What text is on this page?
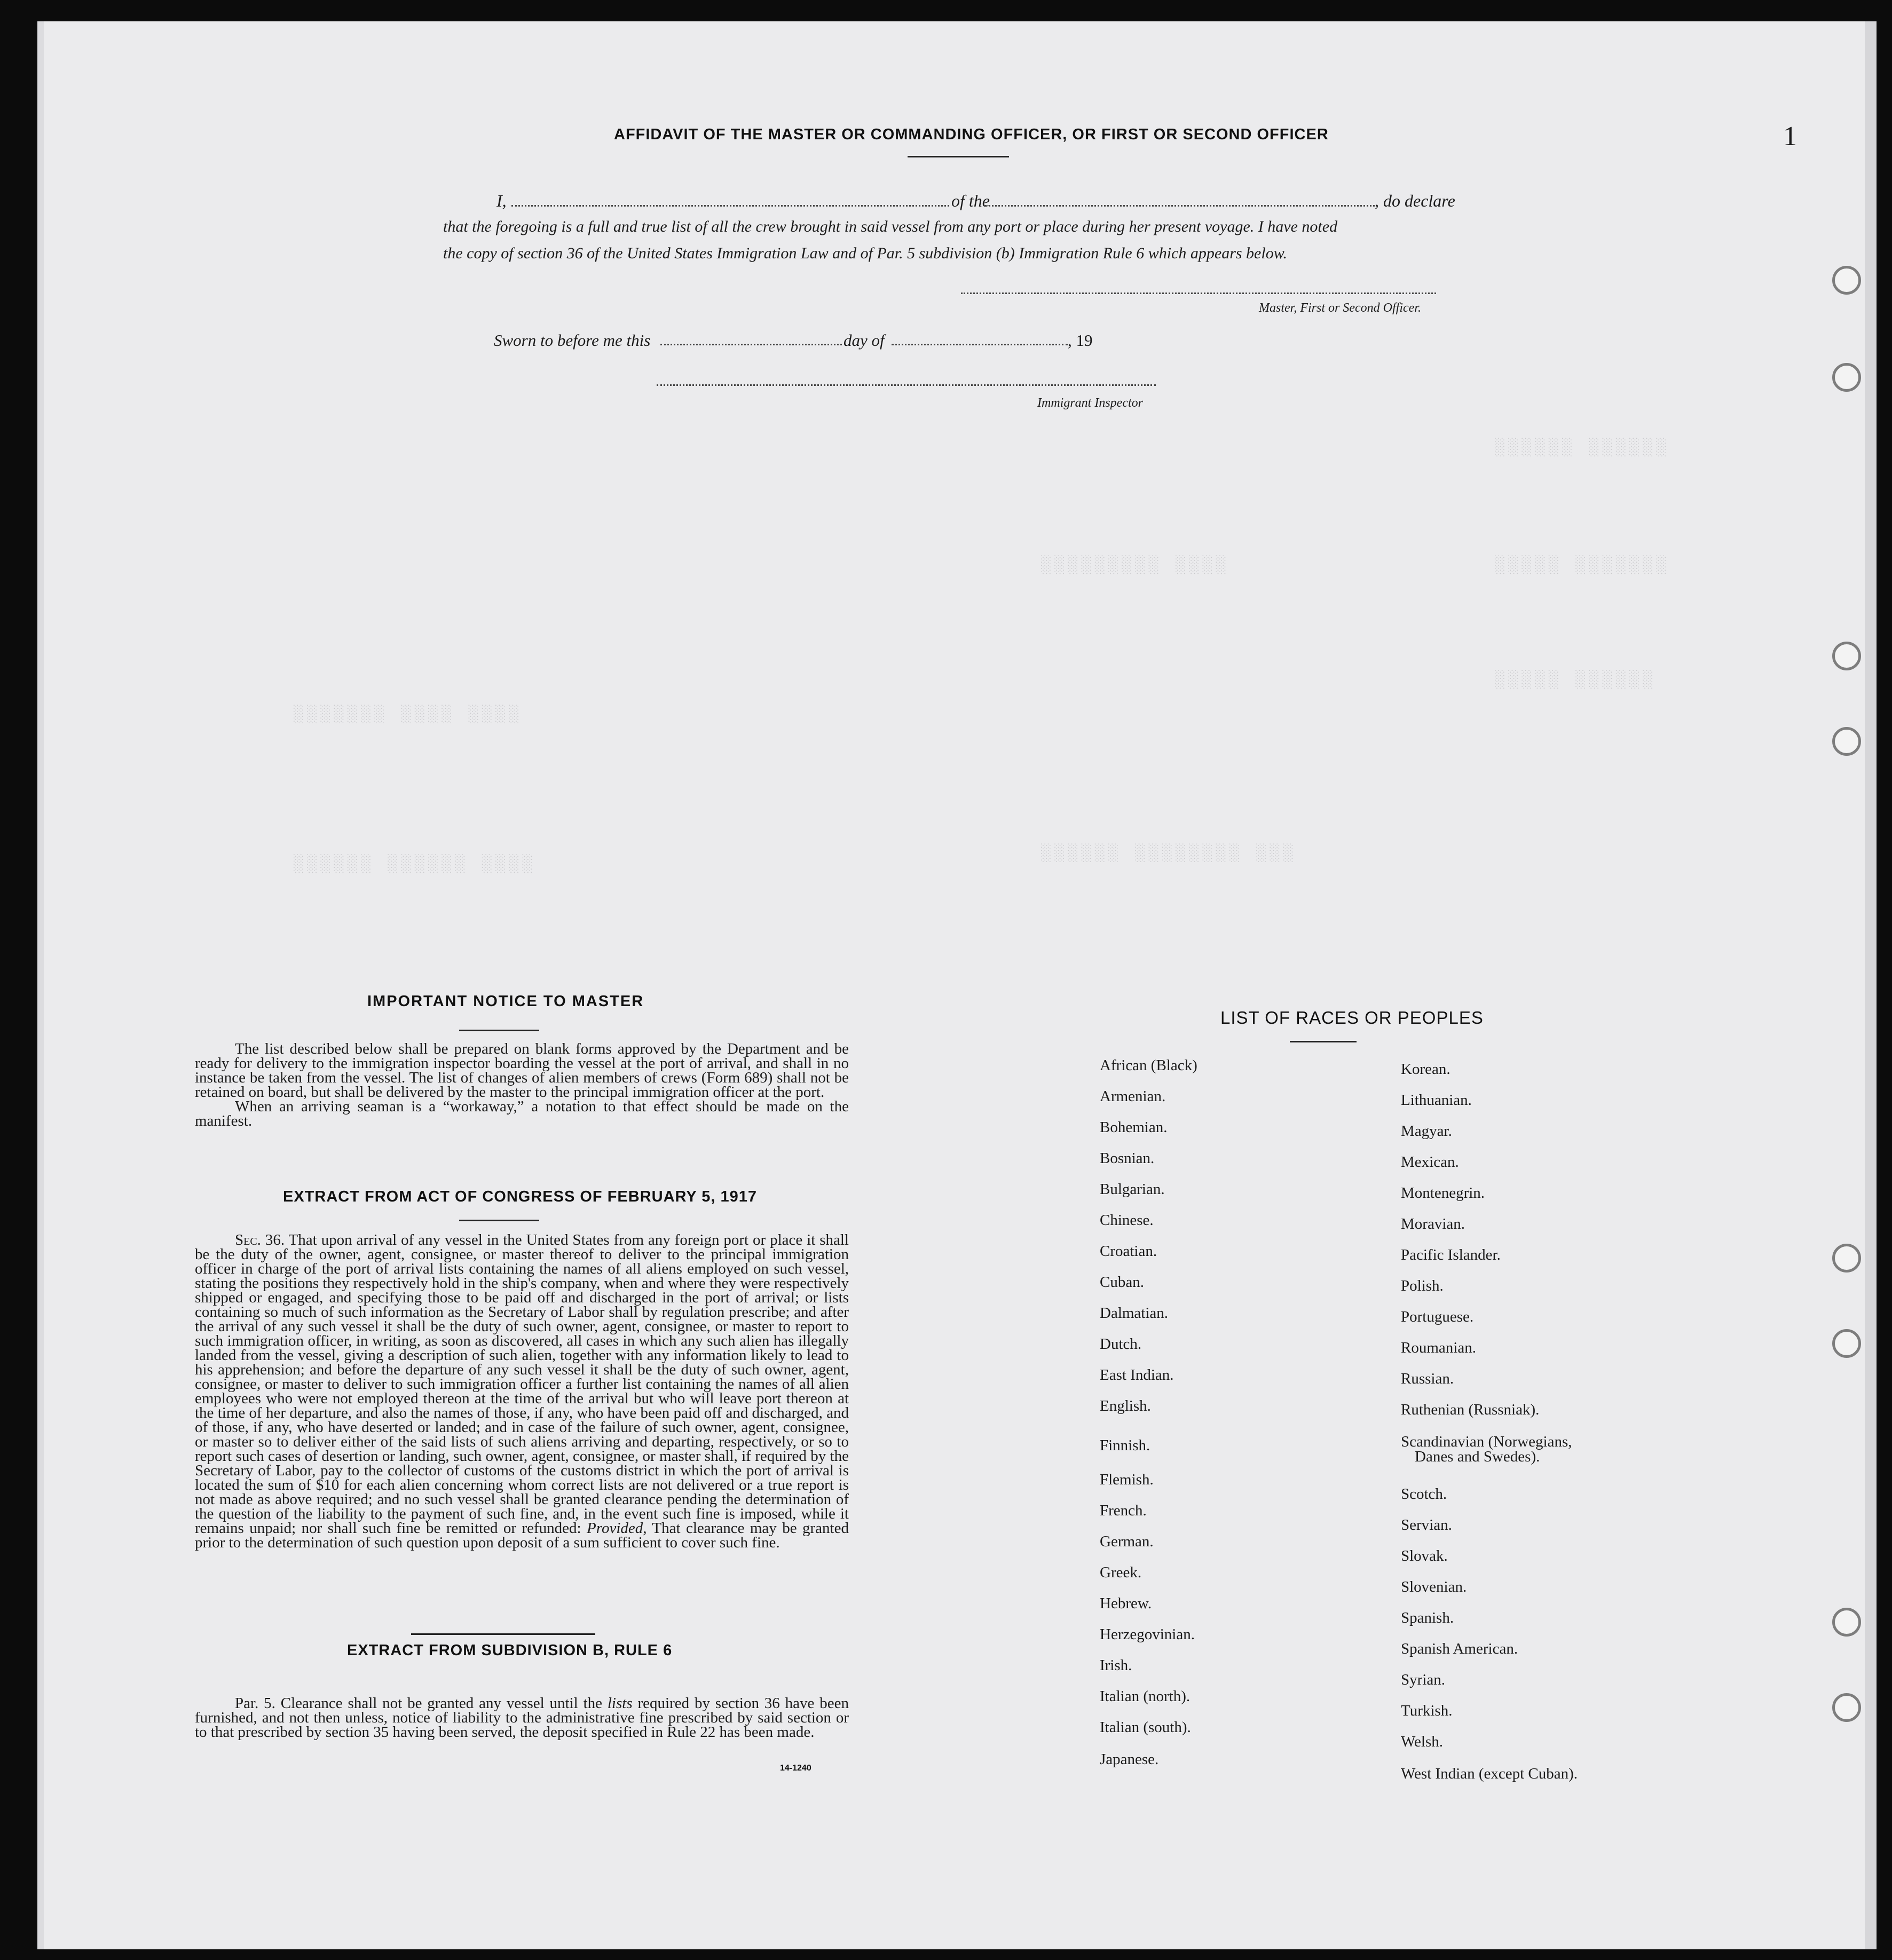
░░░░░░ ░░░░░░
░░░░░ ░░░░░░░
░░░░░ ░░░░░░
░░░░░░░░░ ░░░░
░░░░░░ ░░░░░░░░ ░░░
░░░░░░░ ░░░░ ░░░░
░░░░░░ ░░░░░░ ░░░░
1
AFFIDAVIT OF THE MASTER OR COMMANDING OFFICER, OR FIRST OR SECOND OFFICER
I,	of the	, do declare
that the foregoing is a full and true list of all the crew brought in said vessel from any port or place during her present voyage. I have noted
the copy of section 36 of the United States Immigration Law and of Par. 5 subdivision (b) Immigration Rule 6 which appears below.
Master, First or Second Officer.
Sworn to before me this	day of	, 19
Immigrant Inspector
IMPORTANT NOTICE TO MASTER

The list described below shall be prepared on blank forms approved by the Department and be ready for delivery to the immigration inspector boarding the vessel at the port of arrival, and shall in no instance be taken from the vessel. The list of changes of alien members of crews (Form 689) shall not be retained on board, but shall be delivered by the master to the principal immigration officer at the port.

When an arriving seaman is a “workaway,” a notation to that effect should be made on the manifest.

EXTRACT FROM ACT OF CONGRESS OF FEBRUARY 5, 1917

Sec. 36. That upon arrival of any vessel in the United States from any foreign port or place it shall be the duty of the owner, agent, consignee, or master thereof to deliver to the principal immigration officer in charge of the port of arrival lists containing the names of all aliens employed on such vessel, stating the positions they respectively hold in the ship's company, when and where they were respectively shipped or engaged, and specifying those to be paid off and discharged in the port of arrival; or lists containing so much of such information as the Secretary of Labor shall by regulation prescribe; and after the arrival of any such vessel it shall be the duty of such owner, agent, consignee, or master to report to such immigration officer, in writing, as soon as discovered, all cases in which any such alien has illegally landed from the vessel, giving a description of such alien, together with any information likely to lead to his apprehension; and before the departure of any such vessel it shall be the duty of such owner, agent, consignee, or master to deliver to such immigration officer a further list containing the names of all alien employees who were not employed thereon at the time of the arrival but who will leave port thereon at the time of her departure, and also the names of those, if any, who have been paid off and discharged, and of those, if any, who have deserted or landed; and in case of the failure of such owner, agent, consignee, or master so to deliver either of the said lists of such aliens arriving and departing, respectively, or so to report such cases of desertion or landing, such owner, agent, consignee, or master shall, if required by the Secretary of Labor, pay to the collector of customs of the customs district in which the port of arrival is located the sum of $10 for each alien concerning whom correct lists are not delivered or a true report is not made as above required; and no such vessel shall be granted clearance pending the determination of the question of the liability to the payment of such fine, and, in the event such fine is imposed, while it remains unpaid; nor shall such fine be remitted or refunded: Provided, That clearance may be granted prior to the determination of such question upon deposit of a sum sufficient to cover such fine.

EXTRACT FROM SUBDIVISION B, RULE 6

Par. 5. Clearance shall not be granted any vessel until the lists required by section 36 have been furnished, and not then unless, notice of liability to the administrative fine prescribed by said section or to that prescribed by section 35 having been served, the deposit specified in Rule 22 has been made.

14-1240
LIST OF RACES OR PEOPLES
African (Black)
Armenian.
Bohemian.
Bosnian.
Bulgarian.
Chinese.
Croatian.
Cuban.
Dalmatian.
Dutch.
East Indian.
English.
Finnish.
Flemish.
French.
German.
Greek.
Hebrew.
Herzegovinian.
Irish.
Italian (north).
Italian (south).
Japanese.
Korean.
Lithuanian.
Magyar.
Mexican.
Montenegrin.
Moravian.
Pacific Islander.
Polish.
Portuguese.
Roumanian.
Russian.
Ruthenian (Russniak).
Scandinavian (Norwegians,
Danes and Swedes).
Scotch.
Servian.
Slovak.
Slovenian.
Spanish.
Spanish American.
Syrian.
Turkish.
Welsh.
West Indian (except Cuban).
